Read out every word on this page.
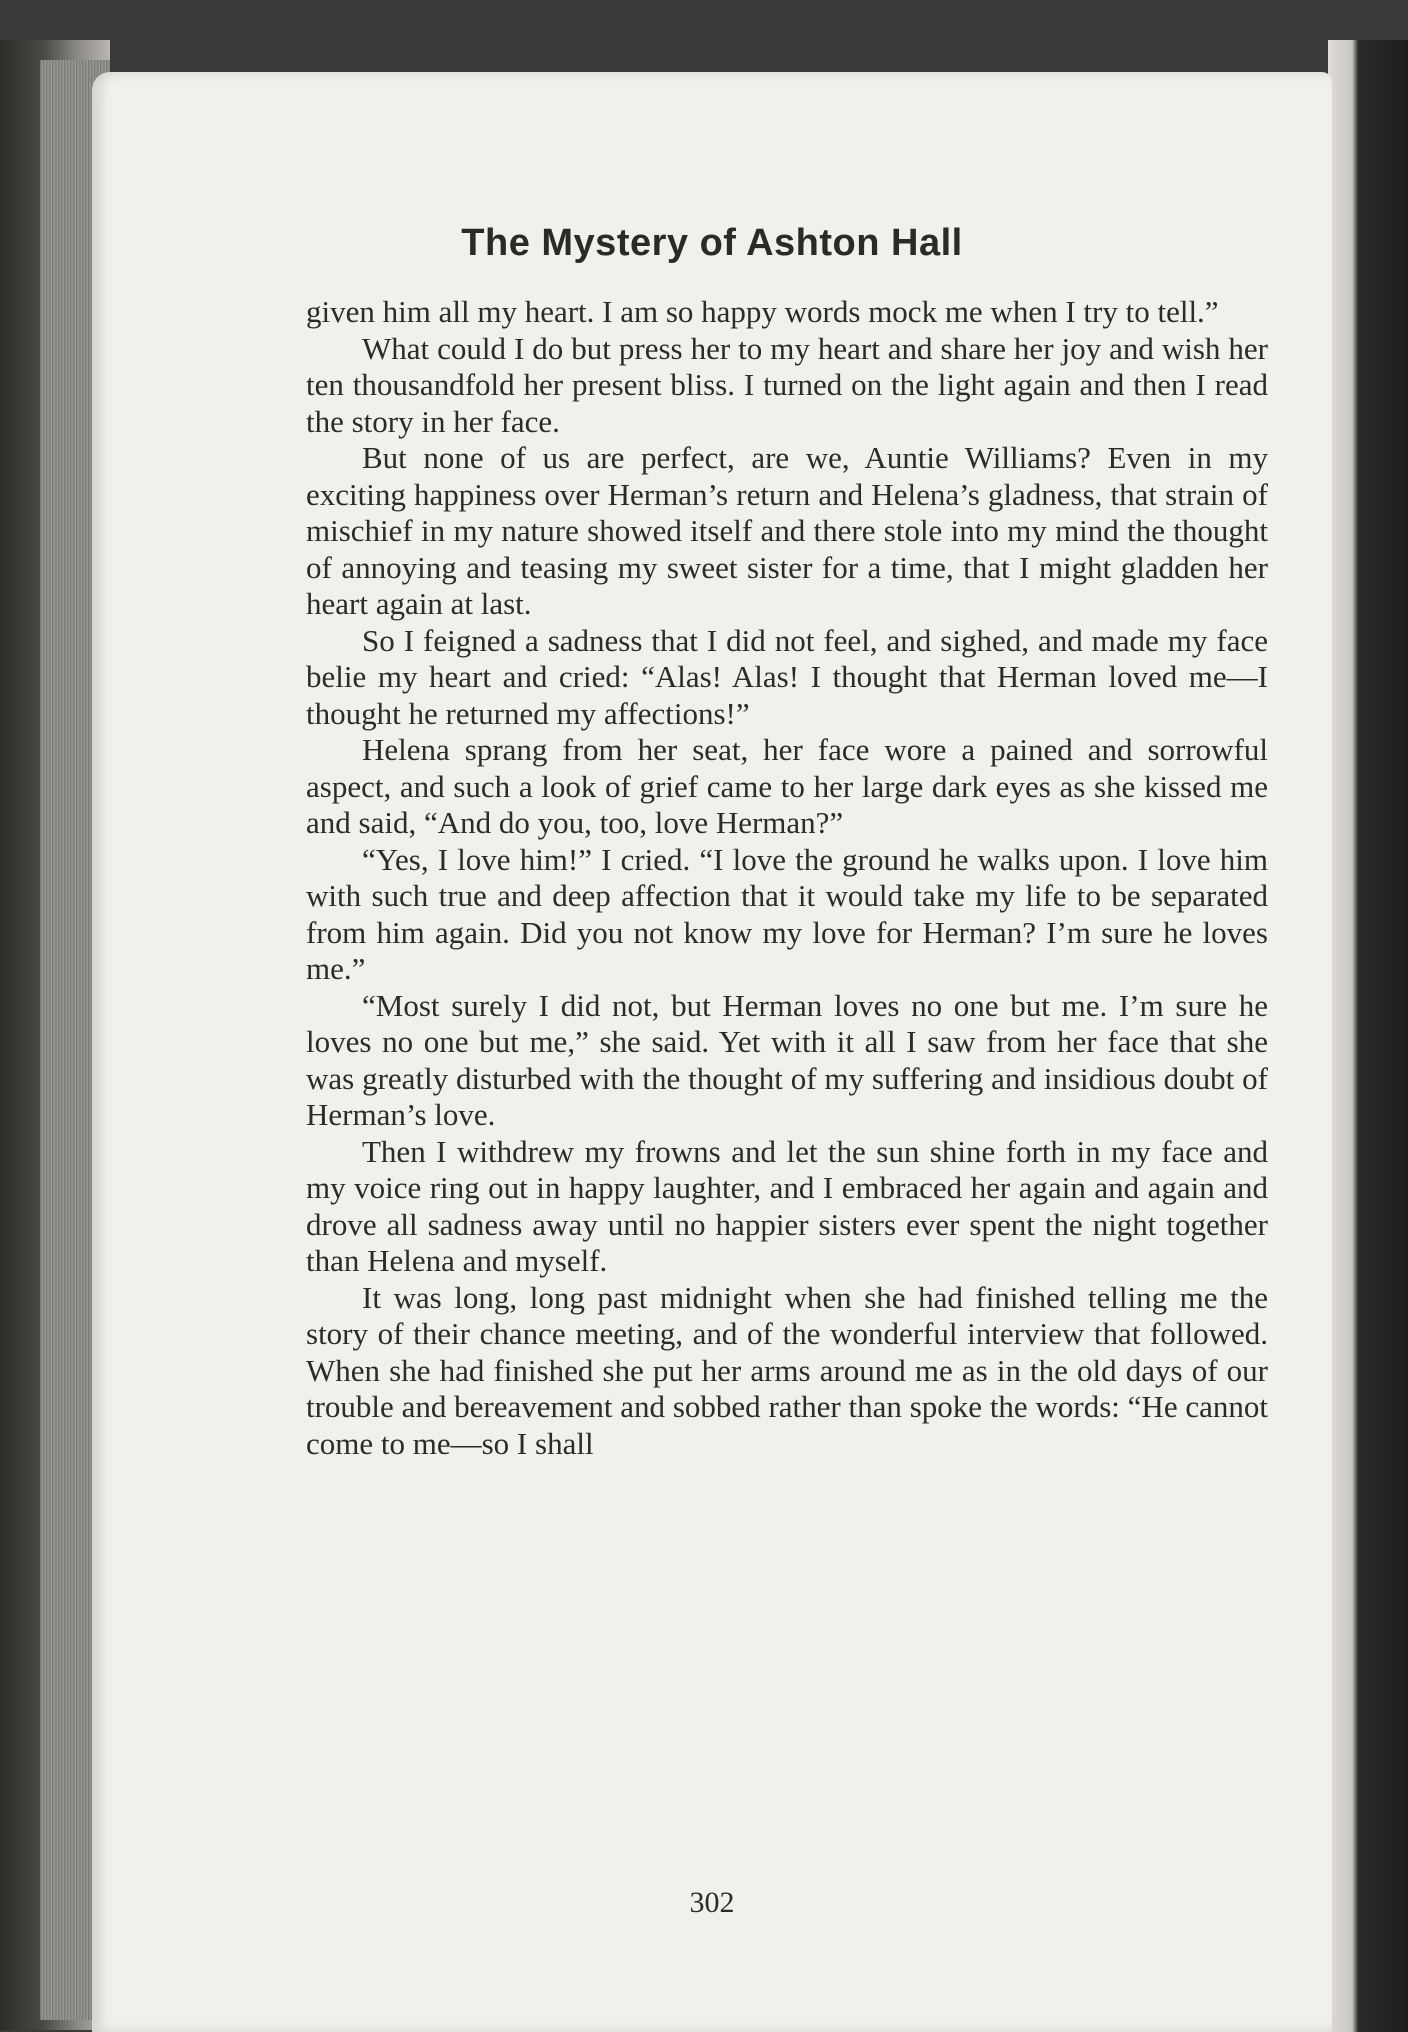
The Mystery of Ashton Hall

given him all my heart. I am so happy words mock me when I try to tell.”

What could I do but press her to my heart and share her joy and wish her ten thousandfold her present bliss. I turned on the light again and then I read the story in her face.

But none of us are perfect, are we, Auntie Williams? Even in my exciting happiness over Herman’s return and Helena’s gladness, that strain of mischief in my nature showed itself and there stole into my mind the thought of annoying and teasing my sweet sister for a time, that I might gladden her heart again at last.

So I feigned a sadness that I did not feel, and sighed, and made my face belie my heart and cried: “Alas! Alas! I thought that Herman loved me—I thought he returned my affections!”

Helena sprang from her seat, her face wore a pained and sorrowful aspect, and such a look of grief came to her large dark eyes as she kissed me and said, “And do you, too, love Herman?”

“Yes, I love him!” I cried. “I love the ground he walks upon. I love him with such true and deep affection that it would take my life to be separated from him again. Did you not know my love for Herman? I’m sure he loves me.”

“Most surely I did not, but Herman loves no one but me. I’m sure he loves no one but me,” she said. Yet with it all I saw from her face that she was greatly disturbed with the thought of my suffering and insidious doubt of Herman’s love.

Then I withdrew my frowns and let the sun shine forth in my face and my voice ring out in happy laughter, and I embraced her again and again and drove all sadness away until no happier sisters ever spent the night together than Helena and myself.

It was long, long past midnight when she had finished telling me the story of their chance meeting, and of the wonderful interview that followed. When she had finished she put her arms around me as in the old days of our trouble and bereavement and sobbed rather than spoke the words: “He cannot come to me—so I shall

302
